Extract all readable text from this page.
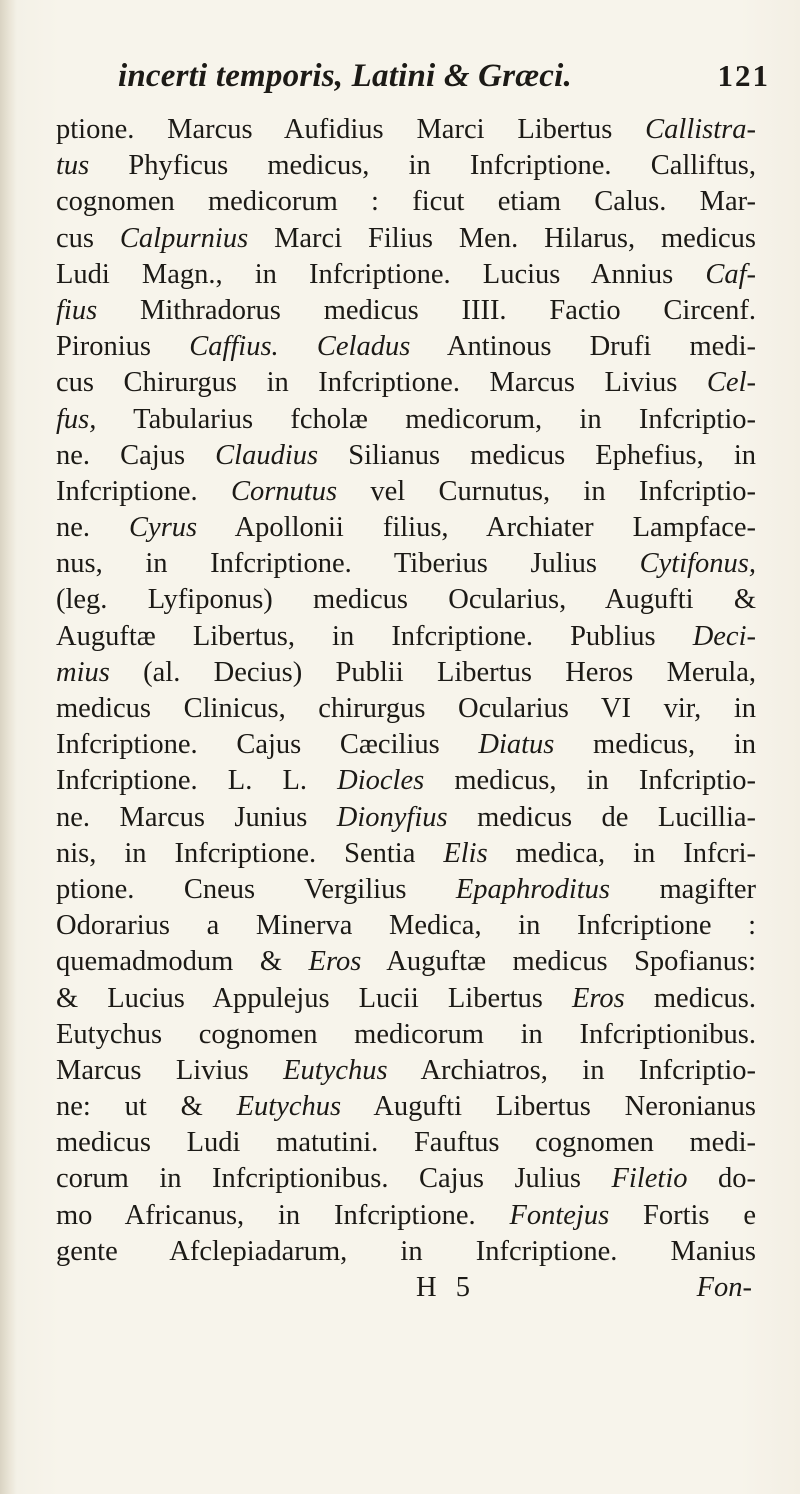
incerti temporis, Latini & Græci.	121
ptione. Marcus Aufidius Marci Libertus Callistra-
tus Phyficus medicus, in Infcriptione. Calliftus,
cognomen medicorum : ficut etiam Calus. Mar-
cus Calpurnius Marci Filius Men. Hilarus, medicus
Ludi Magn., in Infcriptione. Lucius Annius Caf-
fius Mithradorus medicus IIII. Factio Circenf.
Pironius Caffius. Celadus Antinous Drufi medi-
cus Chirurgus in Infcriptione. Marcus Livius Cel-
fus, Tabularius fcholæ medicorum, in Infcriptio-
ne. Cajus Claudius Silianus medicus Ephefius, in
Infcriptione. Cornutus vel Curnutus, in Infcriptio-
ne. Cyrus Apollonii filius, Archiater Lampface-
nus, in Infcriptione. Tiberius Julius Cytifonus,
(leg. Lyfiponus) medicus Ocularius, Augufti &
Auguftæ Libertus, in Infcriptione. Publius Deci-
mius (al. Decius) Publii Libertus Heros Merula,
medicus Clinicus, chirurgus Ocularius VI vir, in
Infcriptione. Cajus Cæcilius Diatus medicus, in
Infcriptione. L. L. Diocles medicus, in Infcriptio-
ne. Marcus Junius Dionyfius medicus de Lucillia-
nis, in Infcriptione. Sentia Elis medica, in Infcri-
ptione. Cneus Vergilius Epaphroditus magifter
Odorarius a Minerva Medica, in Infcriptione :
quemadmodum & Eros Auguftæ medicus Spofianus:
& Lucius Appulejus Lucii Libertus Eros medicus.
Eutychus cognomen medicorum in Infcriptionibus.
Marcus Livius Eutychus Archiatros, in Infcriptio-
ne: ut & Eutychus Augufti Libertus Neronianus
medicus Ludi matutini. Fauftus cognomen medi-
corum in Infcriptionibus. Cajus Julius Filetio do-
mo Africanus, in Infcriptione. Fontejus Fortis e
gente Afclepiadarum, in Infcriptione. Manius
H 5	Fon-
